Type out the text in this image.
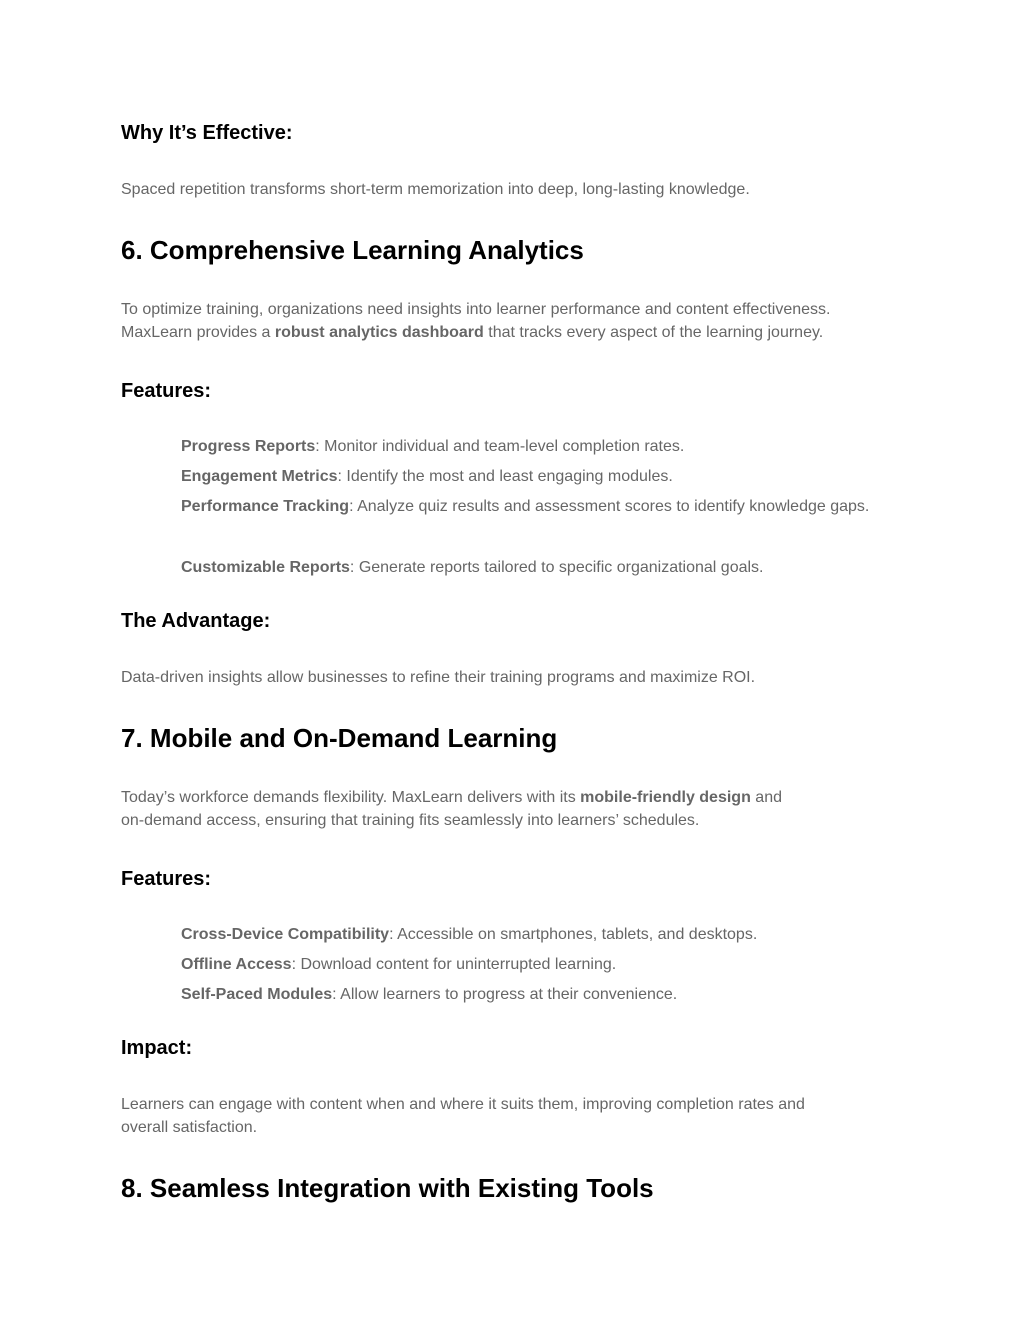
Why It’s Effective:
Spaced repetition transforms short-term memorization into deep, long-lasting knowledge.
6. Comprehensive Learning Analytics
To optimize training, organizations need insights into learner performance and content effectiveness.
MaxLearn provides a robust analytics dashboard that tracks every aspect of the learning journey.
Features:
Progress Reports: Monitor individual and team-level completion rates.
Engagement Metrics: Identify the most and least engaging modules.
Performance Tracking: Analyze quiz results and assessment scores to identify knowledge gaps.
Customizable Reports: Generate reports tailored to specific organizational goals.
The Advantage:
Data-driven insights allow businesses to refine their training programs and maximize ROI.
7. Mobile and On-Demand Learning
Today’s workforce demands flexibility. MaxLearn delivers with its mobile-friendly design and
on-demand access, ensuring that training fits seamlessly into learners’ schedules.
Features:
Cross-Device Compatibility: Accessible on smartphones, tablets, and desktops.
Offline Access: Download content for uninterrupted learning.
Self-Paced Modules: Allow learners to progress at their convenience.
Impact:
Learners can engage with content when and where it suits them, improving completion rates and
overall satisfaction.
8. Seamless Integration with Existing Tools
